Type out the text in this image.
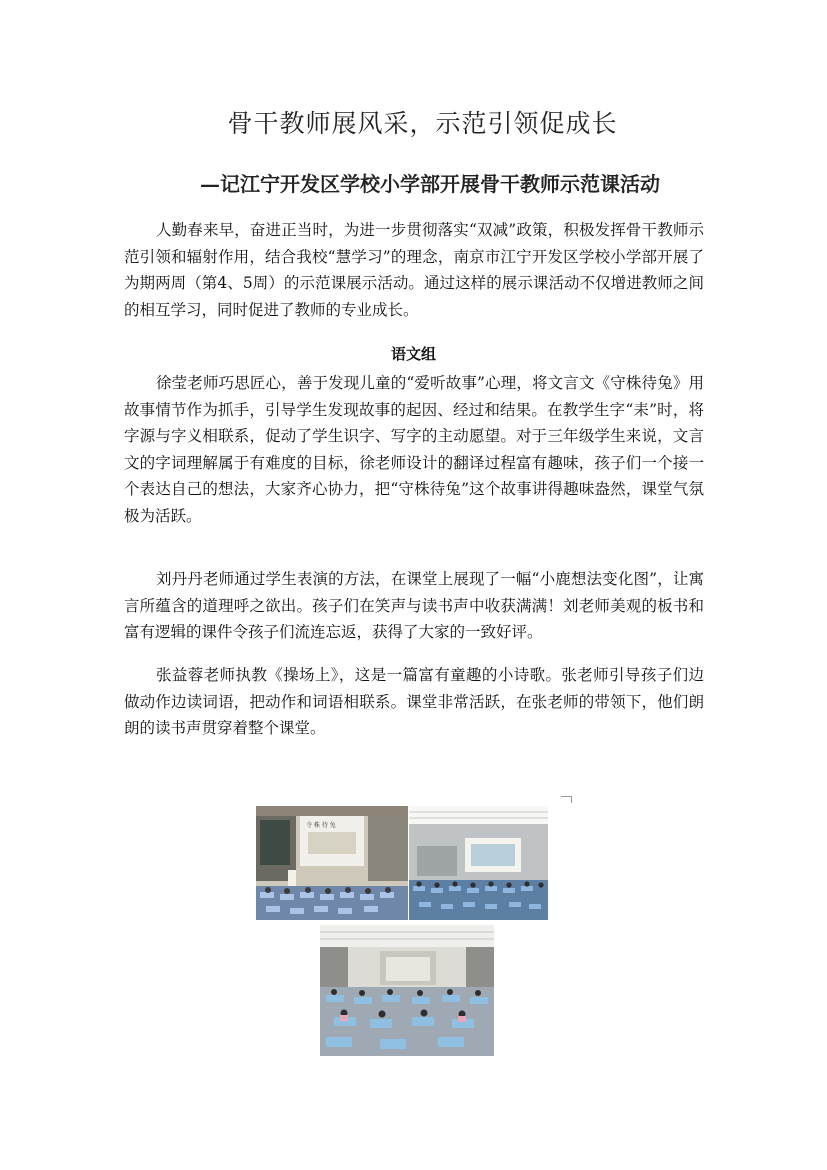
骨干教师展风采，示范引领促成长
—记江宁开发区学校小学部开展骨干教师示范课活动

人勤春来早，奋进正当时，为进一步贯彻落实“双减”政策，积极发挥骨干教师示范引领和辐射作用，结合我校“慧学习”的理念，南京市江宁开发区学校小学部开展了为期两周（第4、5周）的示范课展示活动。通过这样的展示课活动不仅增进教师之间的相互学习，同时促进了教师的专业成长。

语文组

徐莹老师巧思匠心，善于发现儿童的“爱听故事”心理，将文言文《守株待兔》用故事情节作为抓手，引导学生发现故事的起因、经过和结果。在教学生字“耒”时，将字源与字义相联系，促动了学生识字、写字的主动愿望。对于三年级学生来说，文言文的字词理解属于有难度的目标，徐老师设计的翻译过程富有趣味，孩子们一个接一个表达自己的想法，大家齐心协力，把“守株待兔”这个故事讲得趣味盎然，课堂气氛极为活跃。

刘丹丹老师通过学生表演的方法，在课堂上展现了一幅“小鹿想法变化图”，让寓言所蕴含的道理呼之欲出。孩子们在笑声与读书声中收获满满！刘老师美观的板书和富有逻辑的课件令孩子们流连忘返，获得了大家的一致好评。

张益蓉老师执教《操场上》，这是一篇富有童趣的小诗歌。张老师引导孩子们边做动作边读词语，把动作和词语相联系。课堂非常活跃，在张老师的带领下，他们朗朗的读书声贯穿着整个课堂。

寺 株 待 兔
